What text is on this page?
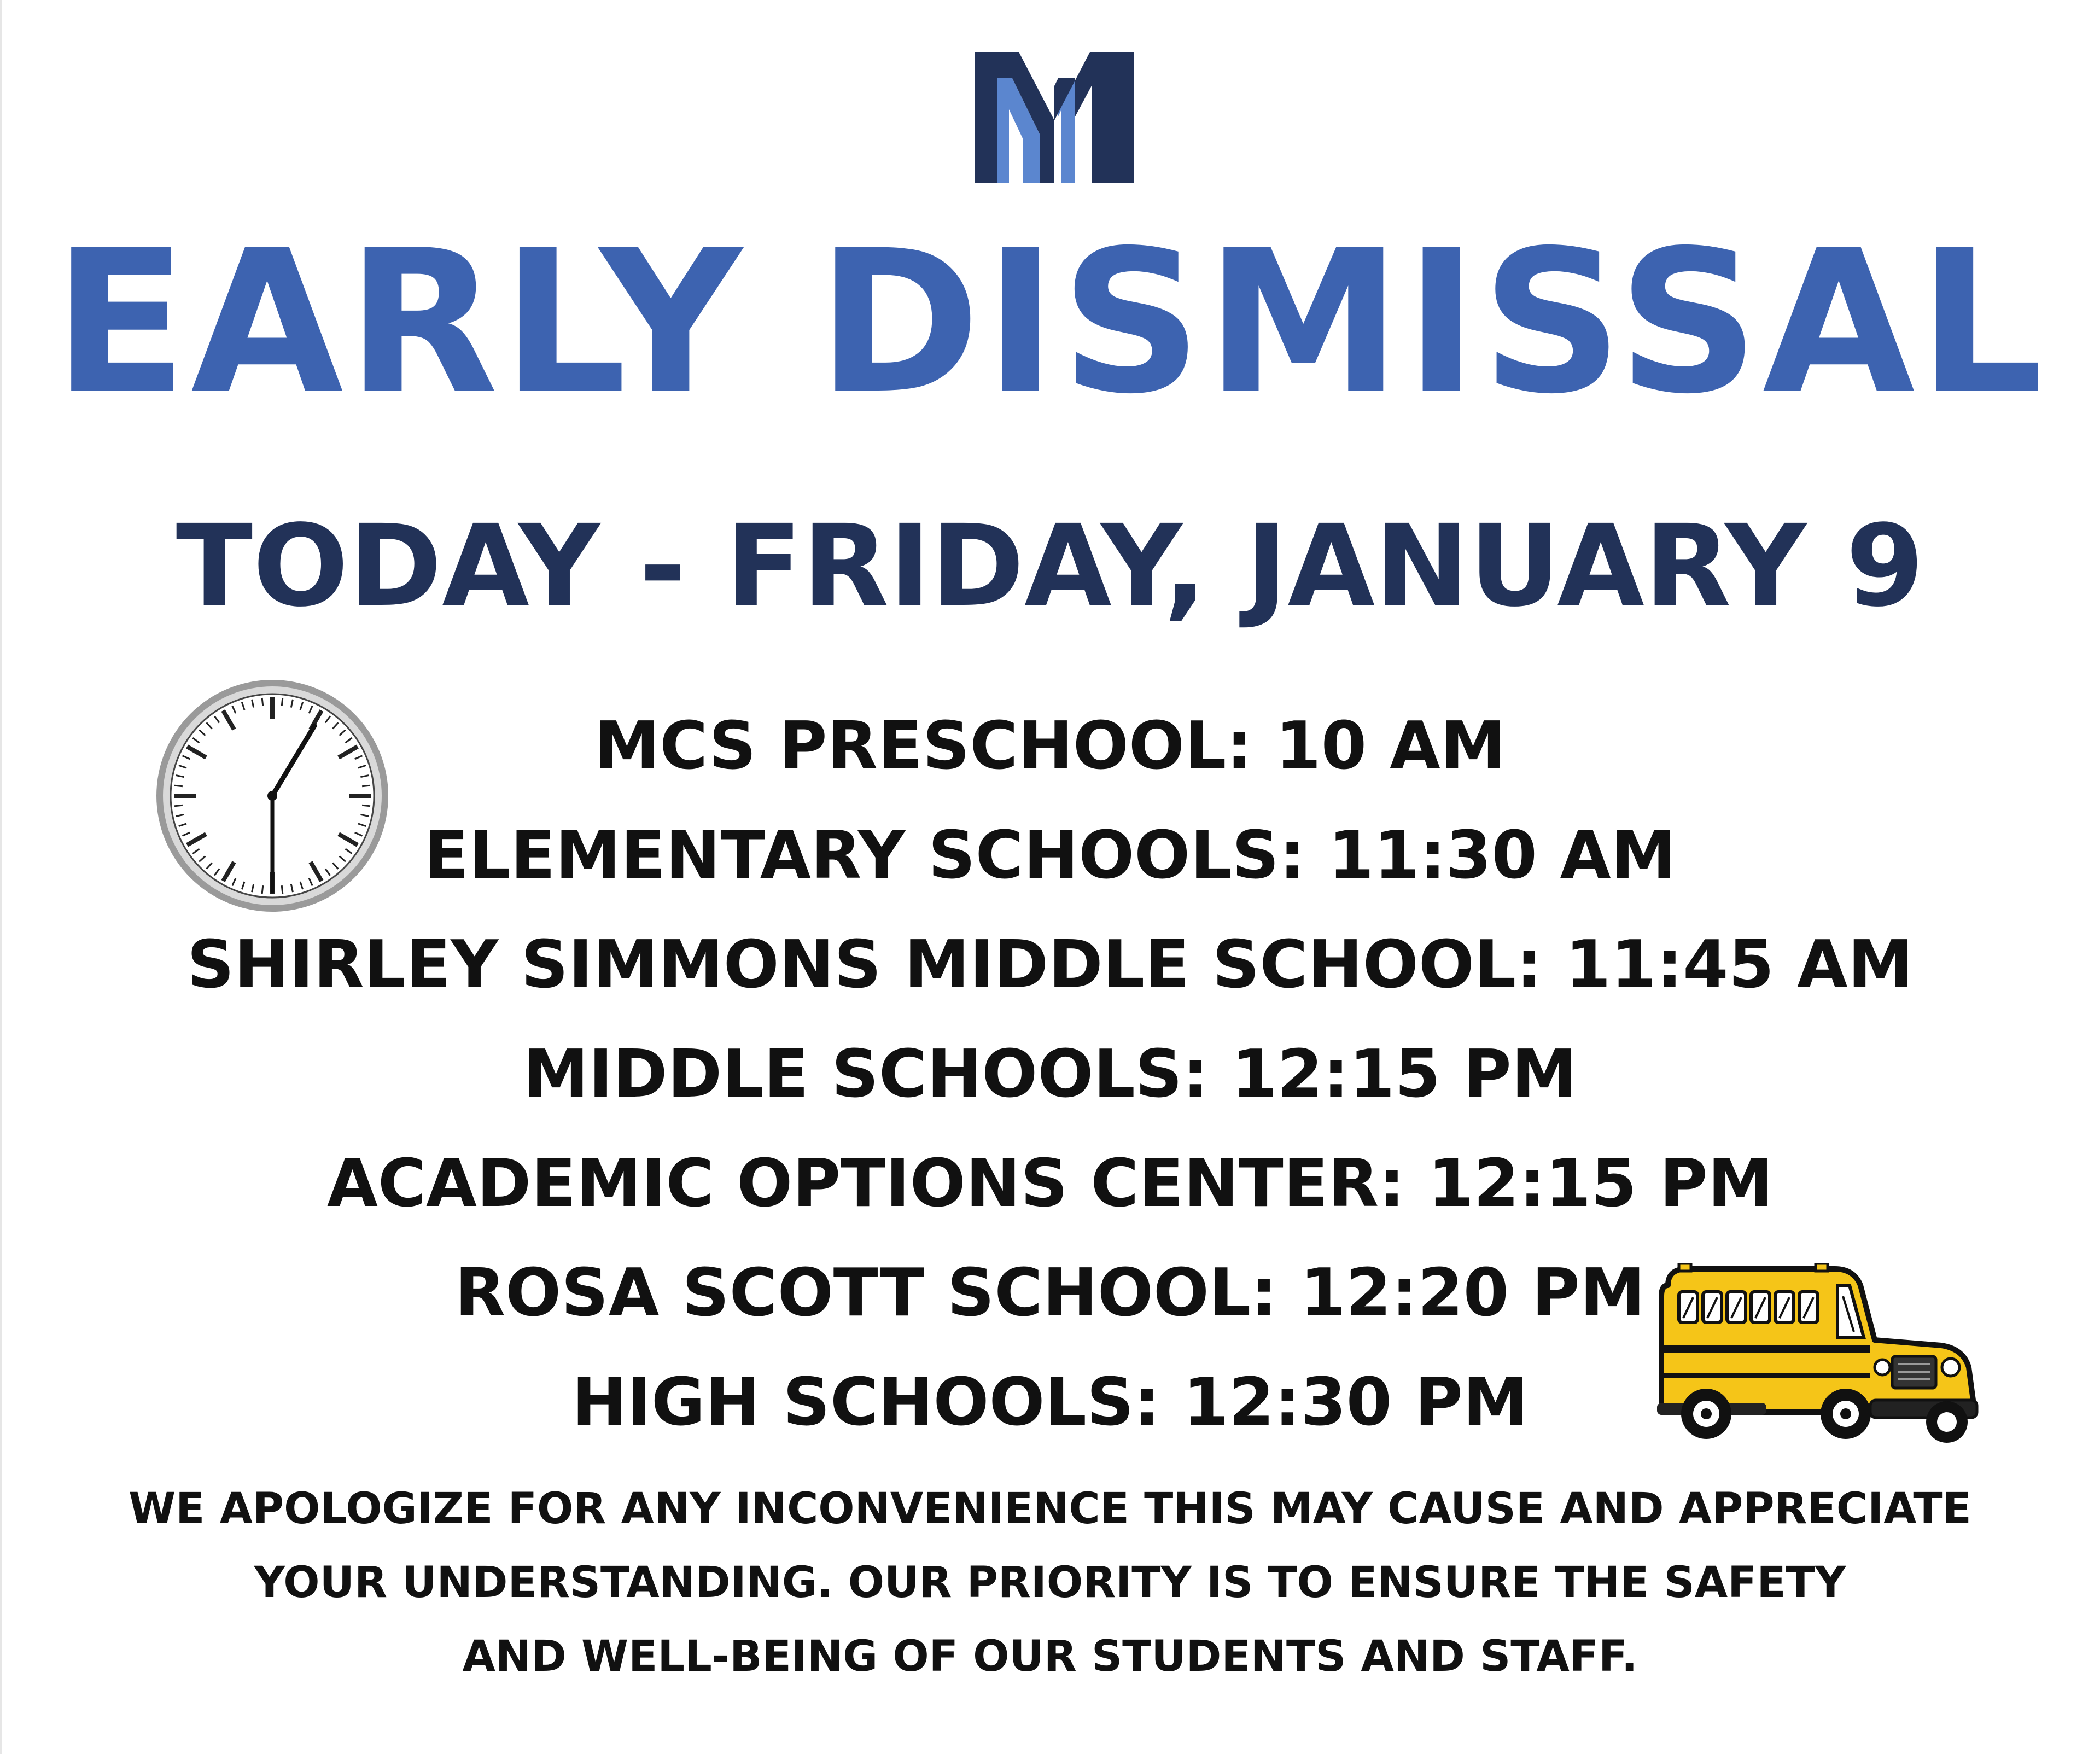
EARLY DISMISSAL
TODAY - FRIDAY, JANUARY 9
MCS PRESCHOOL: 10 AM
ELEMENTARY SCHOOLS: 11:30 AM
SHIRLEY SIMMONS MIDDLE SCHOOL: 11:45 AM
MIDDLE SCHOOLS: 12:15 PM
ACADEMIC OPTIONS CENTER: 12:15 PM
ROSA SCOTT SCHOOL: 12:20 PM
HIGH SCHOOLS: 12:30 PM
WE APOLOGIZE FOR ANY INCONVENIENCE THIS MAY CAUSE AND APPRECIATE
YOUR UNDERSTANDING. OUR PRIORITY IS TO ENSURE THE SAFETY
AND WELL-BEING OF OUR STUDENTS AND STAFF.
